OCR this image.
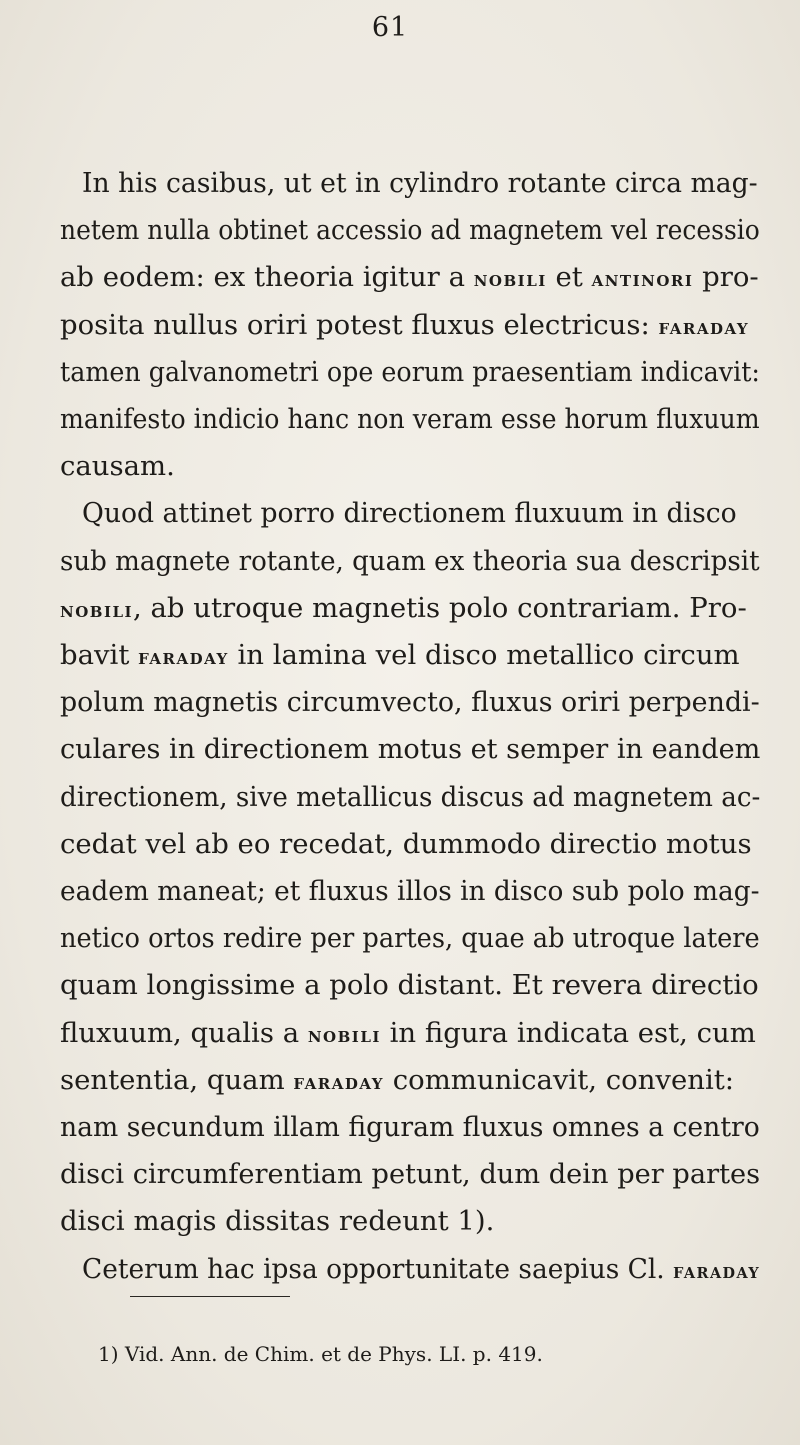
61
In his casibus, ut et in cylindro rotante circa mag-
netem nulla obtinet accessio ad magnetem vel recessio
ab eodem: ex theoria igitur a nobili et antinori pro-
posita nullus oriri potest fluxus electricus: faraday
tamen galvanometri ope eorum praesentiam indicavit:
manifesto indicio hanc non veram esse horum fluxuum
causam.
Quod attinet porro directionem fluxuum in disco
sub magnete rotante, quam ex theoria sua descripsit
nobili, ab utroque magnetis polo contrariam. Pro-
bavit faraday in lamina vel disco metallico circum
polum magnetis circumvecto, fluxus oriri perpendi-
culares in directionem motus et semper in eandem
directionem, sive metallicus discus ad magnetem ac-
cedat vel ab eo recedat, dummodo directio motus
eadem maneat; et fluxus illos in disco sub polo mag-
netico ortos redire per partes, quae ab utroque latere
quam longissime a polo distant. Et revera directio
fluxuum, qualis a nobili in figura indicata est, cum
sententia, quam faraday communicavit, convenit:
nam secundum illam figuram fluxus omnes a centro
disci circumferentiam petunt, dum dein per partes
disci magis dissitas redeunt 1).
Ceterum hac ipsa opportunitate saepius Cl. faraday
1) Vid. Ann. de Chim. et de Phys. LI. p. 419.
